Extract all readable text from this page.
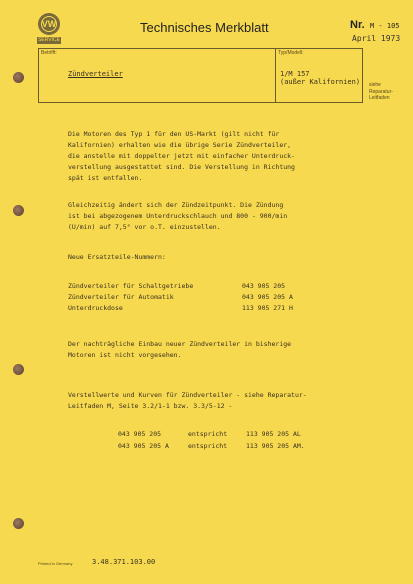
VW
SERVICE
Technisches Merkblatt	Nr. M - 105
April 1973
Betrifft:	Typ/Modell:
Zündverteiler	1/M 157
(außer Kalifornien) siehe
Reparatur-
Leitfaden
Die Motoren des Typ 1 für den US-Markt (gilt nicht für
Kalifornien) erhalten wie die übrige Serie Zündverteiler,
die anstelle mit doppelter jetzt mit einfacher Unterdruck-
verstellung ausgestattet sind. Die Verstellung in Richtung
spät ist entfallen.
Gleichzeitig ändert sich der Zündzeitpunkt. Die Zündung
ist bei abgezogenem Unterdruckschlauch und 800 - 900/min
(U/min) auf 7,5° vor o.T. einzustellen.
Neue Ersatzteile-Nummern:
Zündverteiler für Schaltgetriebe	043 905 205
Zündverteiler für Automatik	043 905 205 A
Unterdruckdose	113 905 271 H
Der nachträgliche Einbau neuer Zündverteiler in bisherige
Motoren ist nicht vorgesehen.
Verstellwerte und Kurven für Zündverteiler - siehe Reparatur-
Leitfaden M, Seite 3.2/1-1 bzw. 3.3/5-12 -
043 905 205	entspricht	113 905 205 AL
043 905 205 A	entspricht	113 905 205 AM.
Printed in Germany	3.48.371.103.00
